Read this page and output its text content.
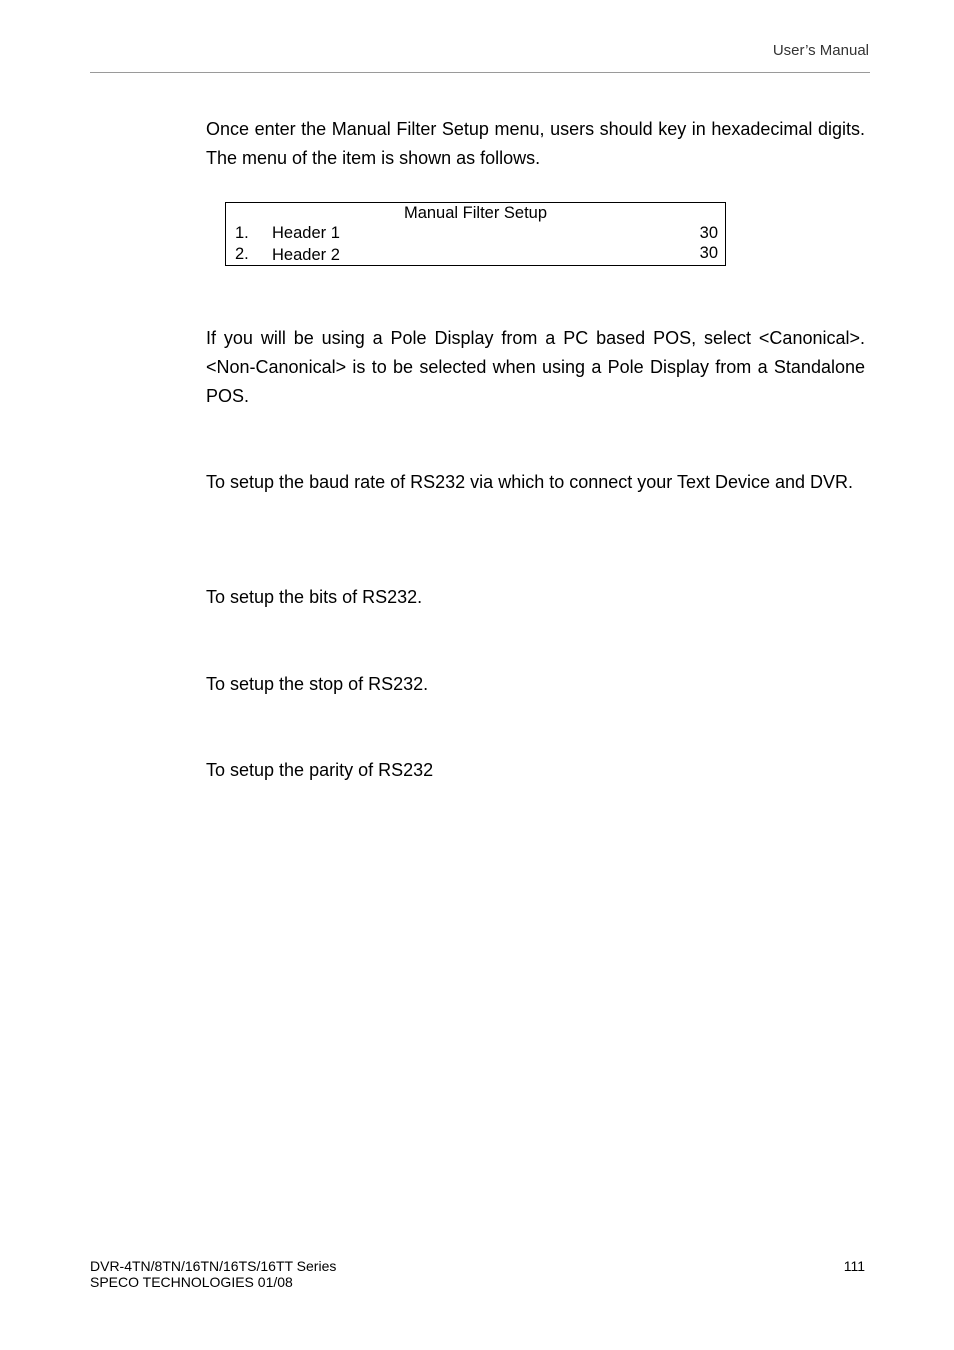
User’s Manual

Once enter the Manual Filter Setup menu, users should key in hexadecimal digits. The menu of the item is shown as follows.

Manual Filter Setup
1. Header 1	30
2. Header 2	30

If you will be using a Pole Display from a PC based POS, select <Canonical>. <Non-Canonical> is to be selected when using a Pole Display from a Standalone POS.

To setup the baud rate of RS232 via which to connect your Text Device and DVR.

To setup the bits of RS232.

To setup the stop of RS232.

To setup the parity of RS232

DVR-4TN/8TN/16TN/16TS/16TT Series
SPECO TECHNOLOGIES 01/08
111
